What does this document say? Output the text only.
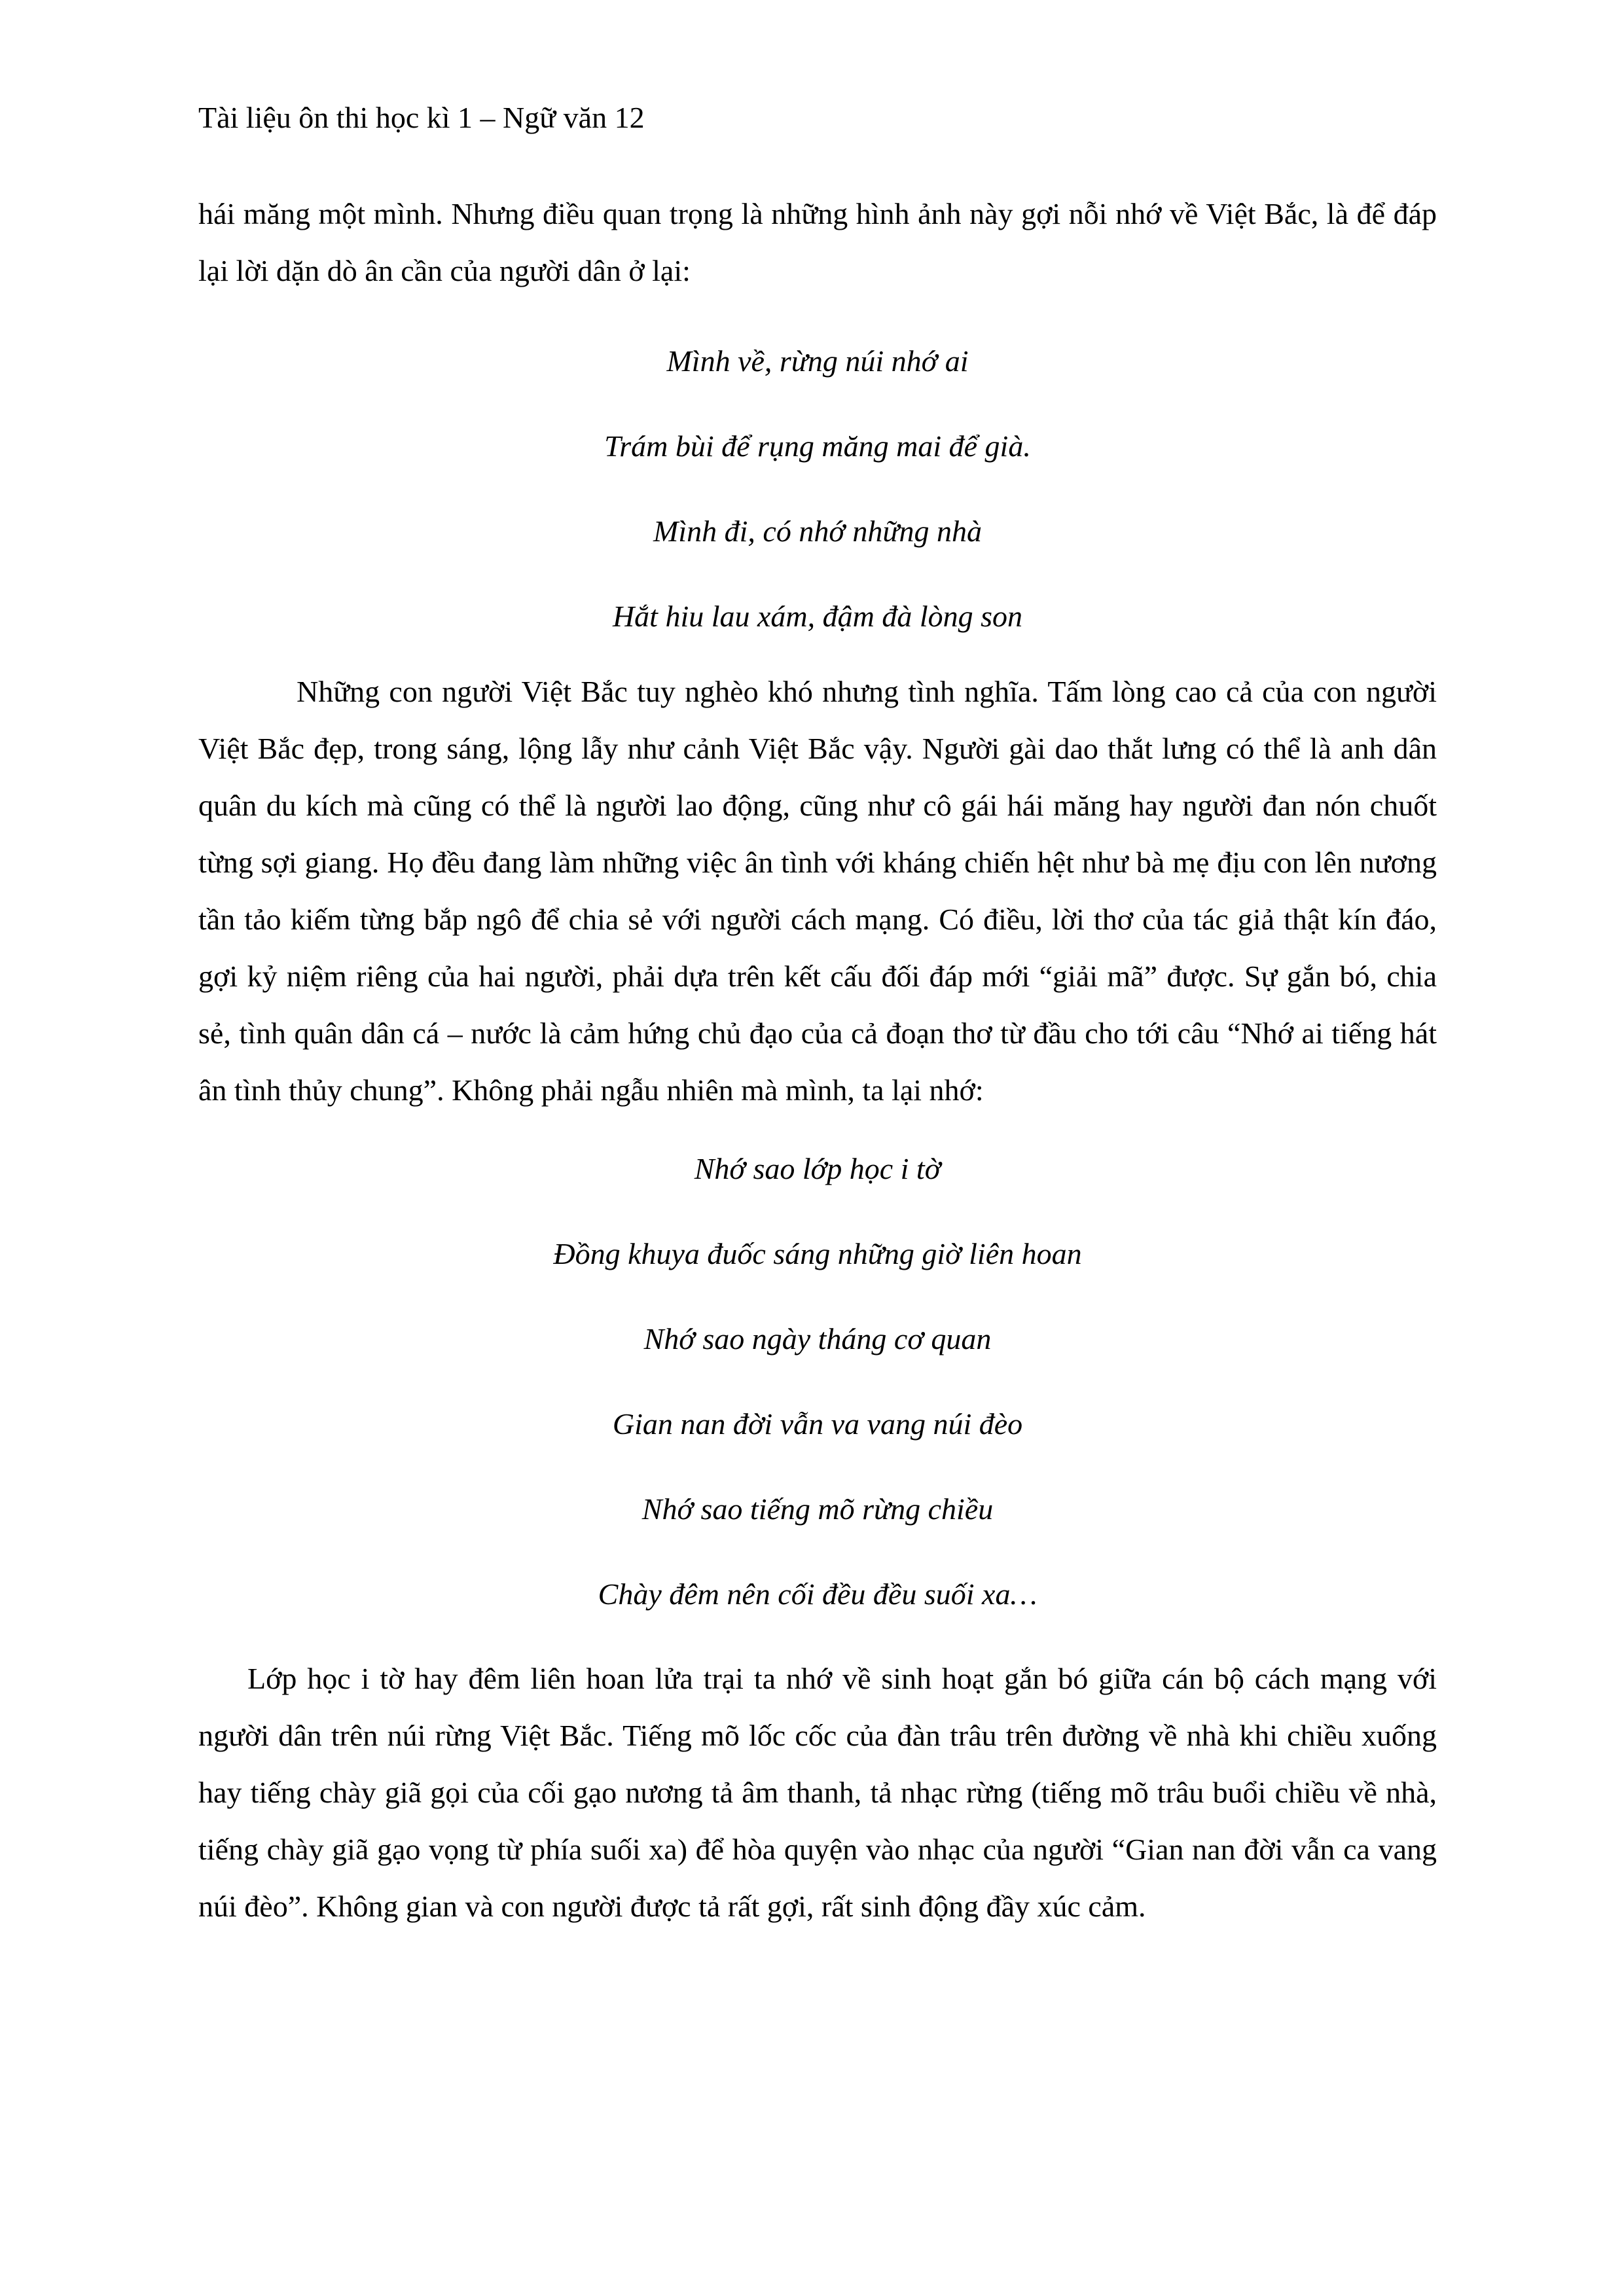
Tài liệu ôn thi học kì 1 – Ngữ văn 12

hái măng một mình. Nhưng điều quan trọng là những hình ảnh này gợi nỗi nhớ về Việt Bắc, là để đáp lại lời dặn dò ân cần của người dân ở lại:

Mình về, rừng núi nhớ ai
Trám bùi để rụng măng mai để già.
Mình đi, có nhớ những nhà
Hắt hiu lau xám, đậm đà lòng son

Những con người Việt Bắc tuy nghèo khó nhưng tình nghĩa. Tấm lòng cao cả của con người Việt Bắc đẹp, trong sáng, lộng lẫy như cảnh Việt Bắc vậy. Người gài dao thắt lưng có thể là anh dân quân du kích mà cũng có thể là người lao động, cũng như cô gái hái măng hay người đan nón chuốt từng sợi giang. Họ đều đang làm những việc ân tình với kháng chiến hệt như bà mẹ địu con lên nương tần tảo kiếm từng bắp ngô để chia sẻ với người cách mạng. Có điều, lời thơ của tác giả thật kín đáo, gợi kỷ niệm riêng của hai người, phải dựa trên kết cấu đối đáp mới “giải mã” được. Sự gắn bó, chia sẻ, tình quân dân cá – nước là cảm hứng chủ đạo của cả đoạn thơ từ đầu cho tới câu “Nhớ ai tiếng hát ân tình thủy chung”. Không phải ngẫu nhiên mà mình, ta lại nhớ:

Nhớ sao lớp học i tờ
Đồng khuya đuốc sáng những giờ liên hoan
Nhớ sao ngày tháng cơ quan
Gian nan đời vẫn va vang núi đèo
Nhớ sao tiếng mõ rừng chiều
Chày đêm nên cối đều đều suối xa…

Lớp học i tờ hay đêm liên hoan lửa trại ta nhớ về sinh hoạt gắn bó giữa cán bộ cách mạng với người dân trên núi rừng Việt Bắc. Tiếng mõ lốc cốc của đàn trâu trên đường về nhà khi chiều xuống hay tiếng chày giã gọi của cối gạo nương tả âm thanh, tả nhạc rừng (tiếng mõ trâu buổi chiều về nhà, tiếng chày giã gạo vọng từ phía suối xa) để hòa quyện vào nhạc của người “Gian nan đời vẫn ca vang núi đèo”. Không gian và con người được tả rất gợi, rất sinh động đầy xúc cảm.
